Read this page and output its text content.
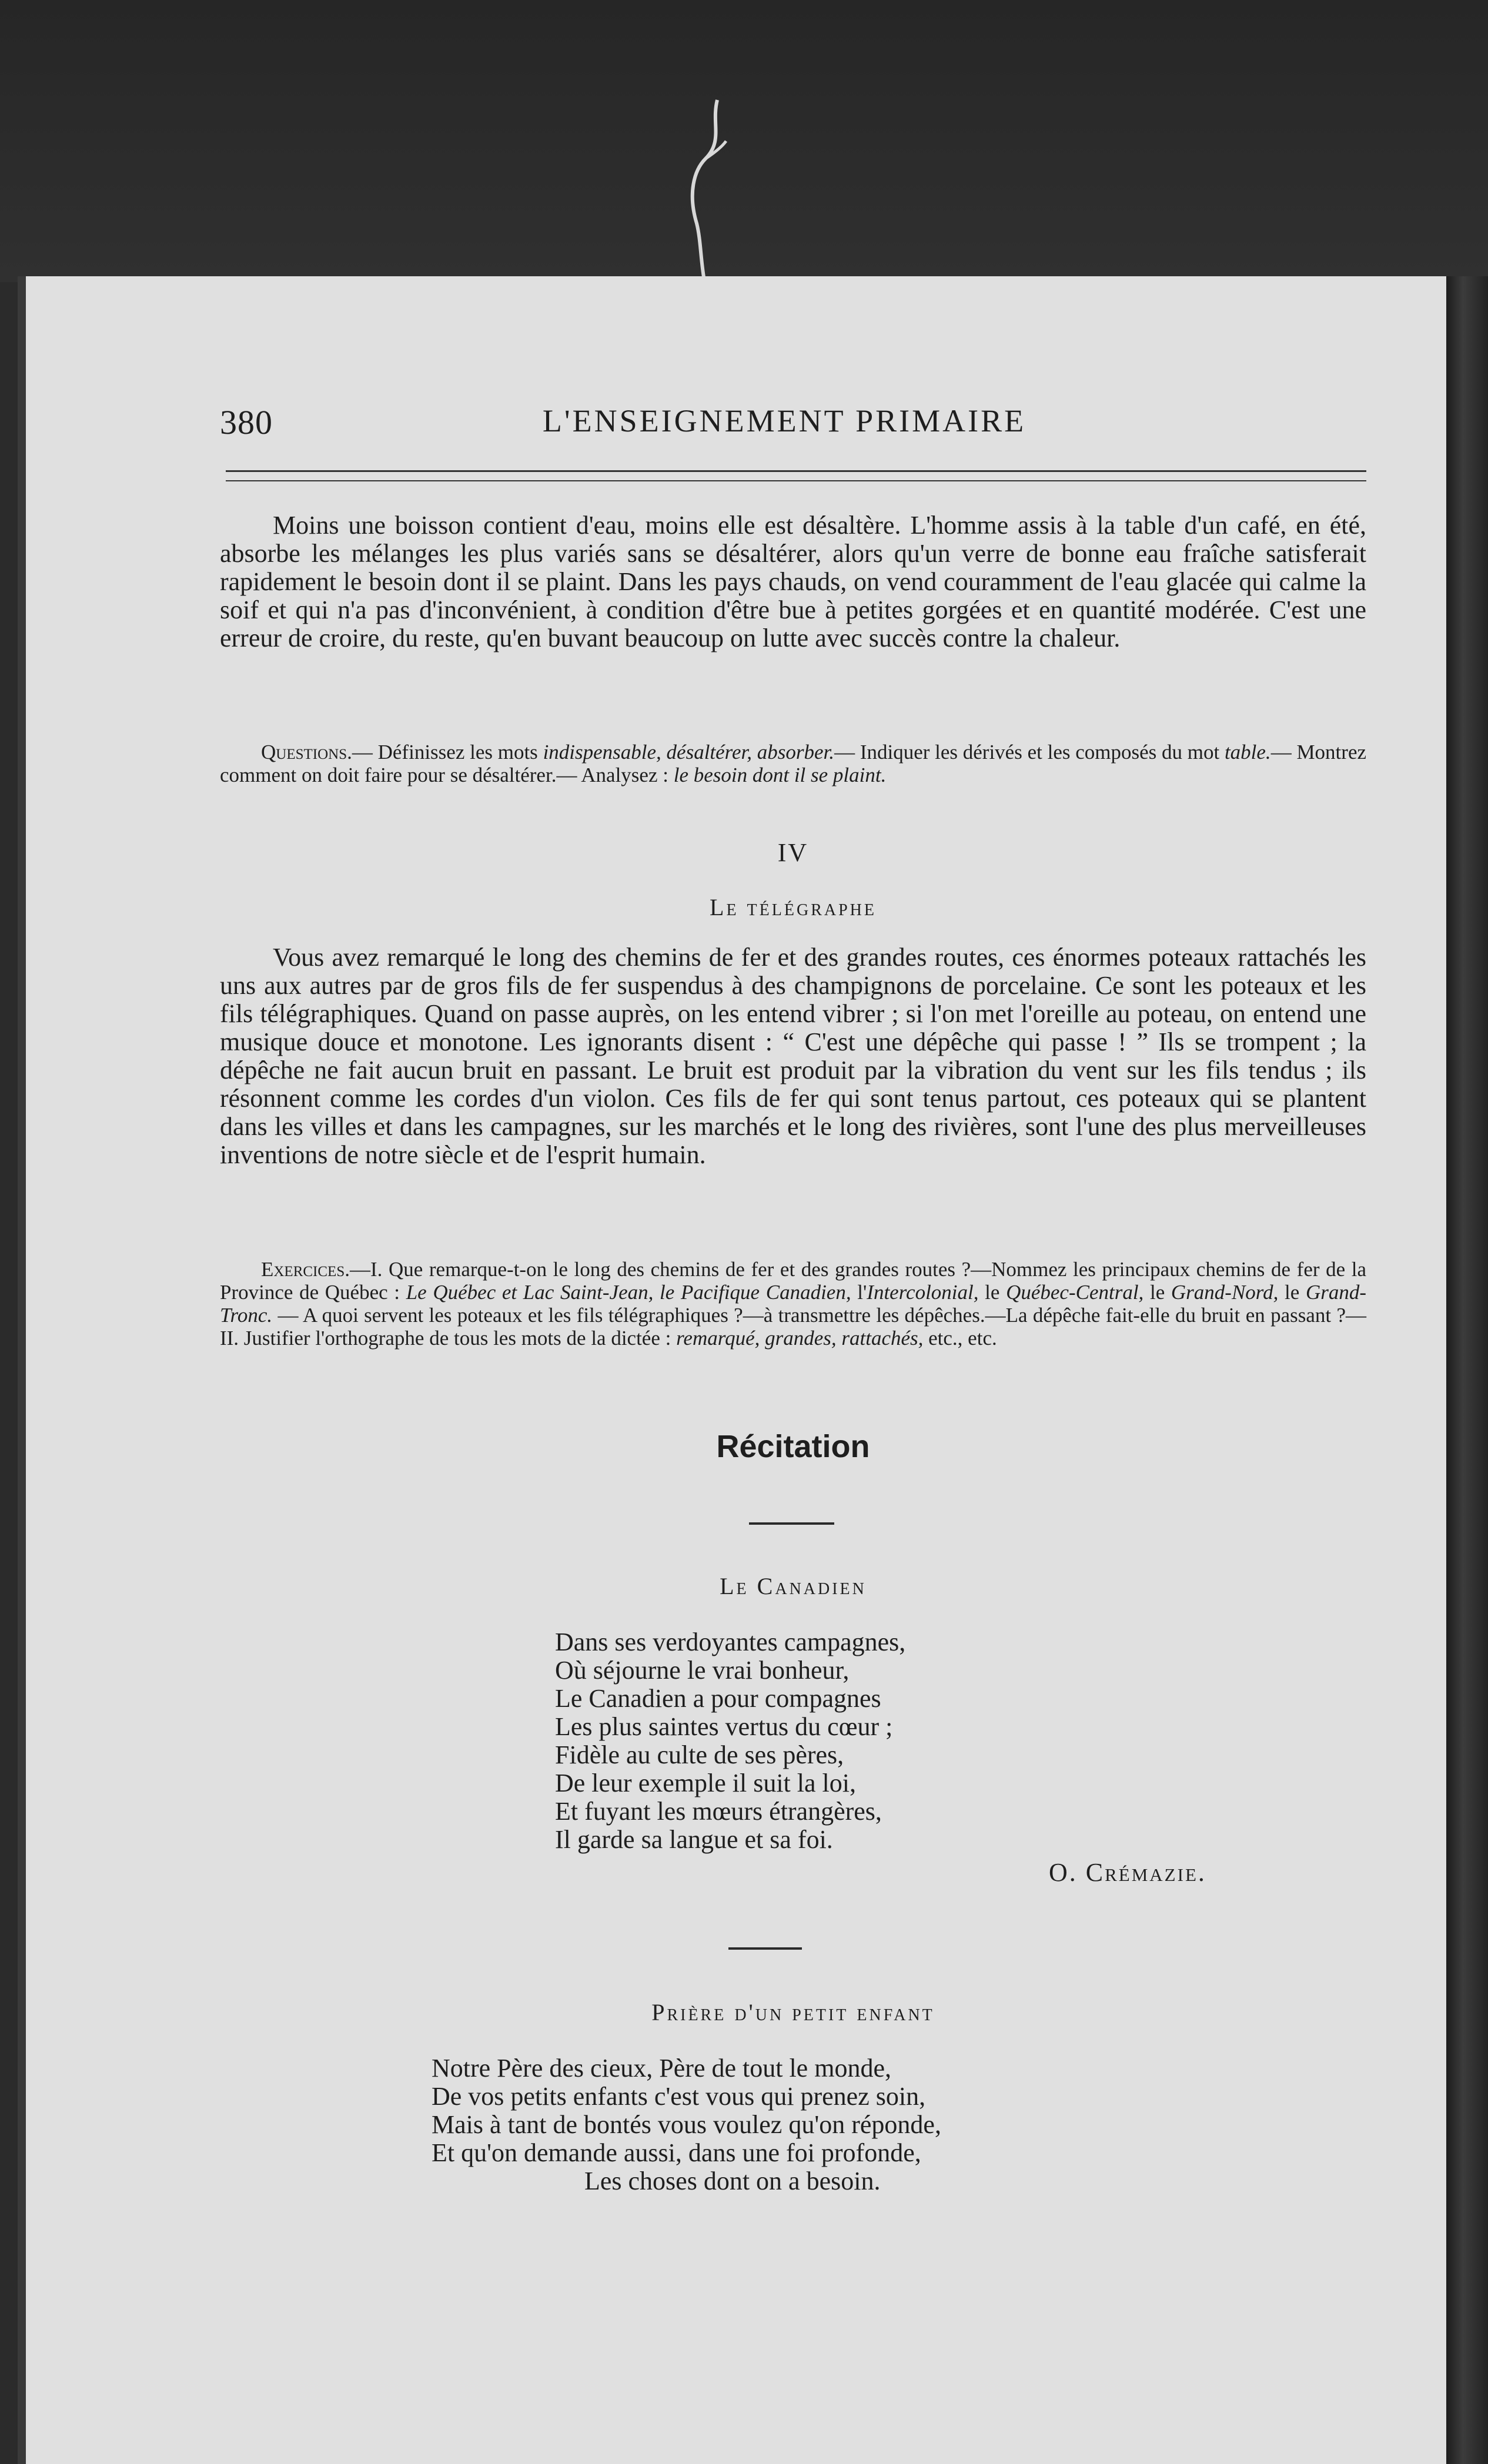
380	L'ENSEIGNEMENT PRIMAIRE

Moins une boisson contient d'eau, moins elle est désaltère. L'homme assis à la table d'un café, en été, absorbe les mélanges les plus variés sans se désaltérer, alors qu'un verre de bonne eau fraîche satisferait rapidement le besoin dont il se plaint. Dans les pays chauds, on vend couramment de l'eau glacée qui calme la soif et qui n'a pas d'inconvénient, à condition d'être bue à petites gorgées et en quantité modérée. C'est une erreur de croire, du reste, qu'en buvant beaucoup on lutte avec succès contre la chaleur.

Questions.— Définissez les mots indispensable, désaltérer, absorber.— Indiquer les dérivés et les composés du mot table.— Montrez comment on doit faire pour se désaltérer.— Analysez : le besoin dont il se plaint.

IV
Le télégraphe

Vous avez remarqué le long des chemins de fer et des grandes routes, ces énormes poteaux rattachés les uns aux autres par de gros fils de fer suspendus à des champignons de porcelaine. Ce sont les poteaux et les fils télégraphiques. Quand on passe auprès, on les entend vibrer ; si l'on met l'oreille au poteau, on entend une musique douce et monotone. Les ignorants disent : “ C'est une dépêche qui passe ! ” Ils se trompent ; la dépêche ne fait aucun bruit en passant. Le bruit est produit par la vibration du vent sur les fils tendus ; ils résonnent comme les cordes d'un violon. Ces fils de fer qui sont tenus partout, ces poteaux qui se plantent dans les villes et dans les campagnes, sur les marchés et le long des rivières, sont l'une des plus merveilleuses inventions de notre siècle et de l'esprit humain.

Exercices.—I. Que remarque-t-on le long des chemins de fer et des grandes routes ?—Nommez les principaux chemins de fer de la Province de Québec : Le Québec et Lac Saint-Jean, le Pacifique Canadien, l'Intercolonial, le Québec-Central, le Grand-Nord, le Grand-Tronc. — A quoi servent les poteaux et les fils télégraphiques ?—à transmettre les dépêches.—La dépêche fait-elle du bruit en passant ?—II. Justifier l'orthographe de tous les mots de la dictée : remarqué, grandes, rattachés, etc., etc.

Récitation
Le Canadien
Dans ses verdoyantes campagnes,
Où séjourne le vrai bonheur,
Le Canadien a pour compagnes
Les plus saintes vertus du cœur ;
Fidèle au culte de ses pères,
De leur exemple il suit la loi,
Et fuyant les mœurs étrangères,
Il garde sa langue et sa foi.
O. Crémazie.
Prière d'un petit enfant
Notre Père des cieux, Père de tout le monde,
De vos petits enfants c'est vous qui prenez soin,
Mais à tant de bontés vous voulez qu'on réponde,
Et qu'on demande aussi, dans une foi profonde,
Les choses dont on a besoin.
